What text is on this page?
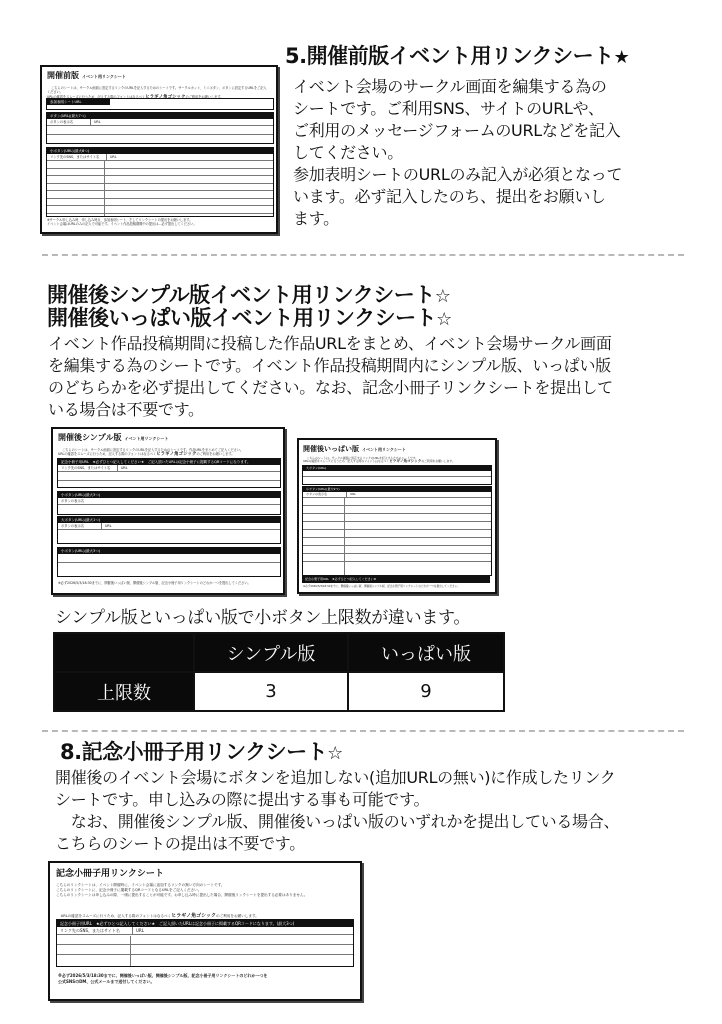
5.開催前版イベント用リンクシート★
イベント会場のサークル画面を編集する為の
シートです。ご利用SNS、サイトのURLや、
ご利用のメッセージフォームのURLなどを記入
してください。
参加表明シートのURLのみ記入が必須となって
います。必ず記入したのち、提出をお願いし
ます。
開催前版 イベント用リンクシート

こちらのシートは、サークル画面に設定するリンクのURLを記入するためのシートです。サークルカット、ミニボタン、ボタンに設定するURLをご記入ください。
URLの確認をスムーズに行うため、記入する際のフォントはなるべくヒラギノ角ゴシックのご利用をお願いします。

参加表明シートURL
ボタン(URL)(最大7つ)
ボタンの表示名	URL
小ボタン(URL)(最大8つ)
リンク先のSNS、またはサイト名	URL
※サークル申し込み時、申し込み時点、参加表明シート、そしてリンクシートの提出をお願いします。
イベント会場はURLのみの記入で可能です。イベント作品投稿期間中の提出は…必ず提出してください。
開催後シンプル版イベント用リンクシート☆
開催後いっぱい版イベント用リンクシート☆
イベント作品投稿期間に投稿した作品URLをまとめ、イベント会場サークル画面
を編集する為のシートです。イベント作品投稿期間内にシンプル版、いっぱい版
のどちらかを必ず提出してください。なお、記念小冊子リンクシートを提出して
いる場合は不要です。
開催後シンプル版 イベント用リンクシート

こちらのシートは、サークル画面に設定するリンクのURLを記入するためのシートです。作品URLをまとめてご記入ください。
URLの確認をスムーズに行うため、記入する際のフォントはなるべくヒラギノ角ゴシックのご利用をお願いします。

記念小冊子用URL　 ★必ずひとつ記入してください★　ご記入頂いたURLは記念小冊子に掲載するQRコードになります。
リンク先のSNS、またはサイト名	URL
小ボタン(URL)(最大3つ)
ボタンの表示名
大ボタン(URL)(最大1つ)
ボタンの表示名	URL
小ボタン(URL)(最大3つ)
※必ず2026/5/3/18:30までに、開催後いっぱい版、開催後シンプル版、記念小冊子用リンクシートのどれか一つを提出してください。
開催後いっぱい版 イベント用リンクシート

こちらのシートは、サークル画面に設定するリンクのURLを記入するためのシートです。
URLの確認をスムーズに行うため、記入する際のフォントはなるべくヒラギノ角ゴシックのご利用をお願いします。

大ボタン(URL)
小ボタン(URL)(最大9つ)
ボタンの表示名	URL
記念小冊子用URL　 ★必ずひとつ記入してください★
※必ず2026/5/3/18:30までに、開催後いっぱい版、開催後シンプル版、記念小冊子用リンクシートのどれか一つを提出してください。
シンプル版といっぱい版で小ボタン上限数が違います。
	シンプル版	いっぱい版
上限数	3	9
8.記念小冊子用リンクシート☆
開催後のイベント会場にボタンを追加しない(追加URLの無い)に作成したリンク
シートです。申し込みの際に提出する事も可能です。
　なお、開催後シンプル版、開催後いっぱい版のいずれかを提出している場合、
こちらのシートの提出は不要です。
記念小冊子用リンクシート
こちらのリンクシートは、イベント開催時に、イベント会場に追加するリンクの無い方向のシートです。
こちらのリンクシートに、記念小冊子に掲載するQRコードとなるURLをご記入ください。
こちらのリンクシートは申し込みの際、一緒に提出することが可能です。お申し込み時に提出した場合、開催後リンクシートを提出する必要はありません。

URLの確認をスムーズに行うため、記入する際のフォントはなるべくヒラギノ角ゴシックのご利用をお願いします。

記念小冊子用URL　 ★必ずひとつ記入してください★　ご記入頂いたURLは記念小冊子に掲載するQRコードになります。(最大3つ)
リンク先のSNS、またはサイト名	URL
※必ず2026/5/3/18:30までに、開催後いっぱい版、開催後シンプル版、記念小冊子用リンクシートのどれか一つを
公式SNSのDM、公式メールまで送付してください。
